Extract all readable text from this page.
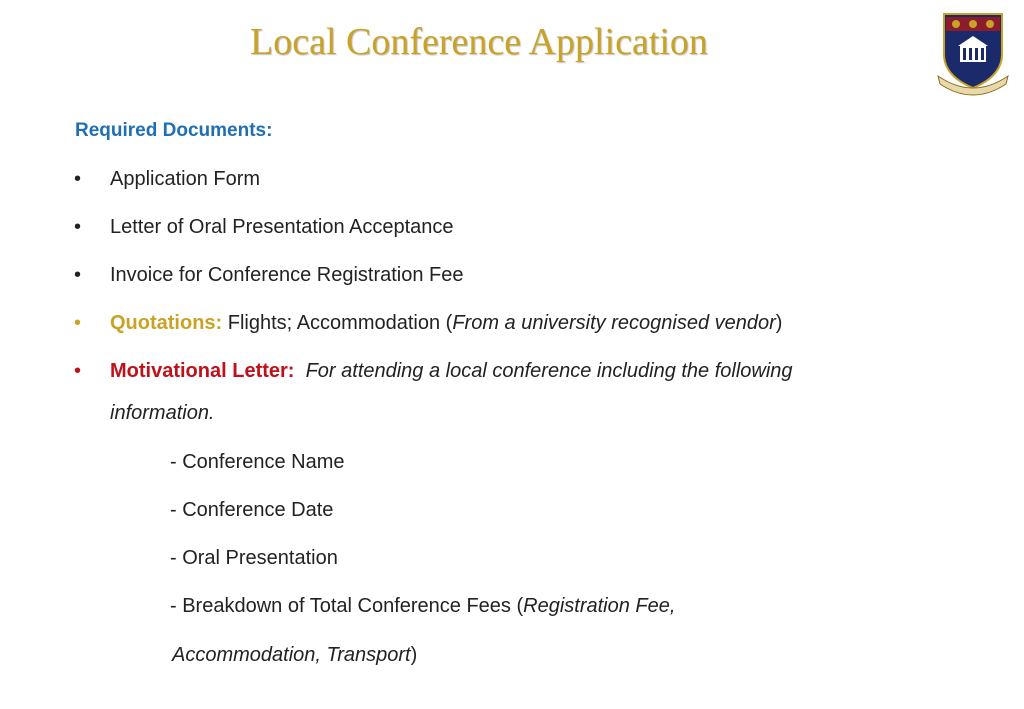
Local Conference Application
Required Documents:
• Application Form
• Letter of Oral Presentation Acceptance
• Invoice for Conference Registration Fee
• Quotations: Flights; Accommodation (From a university recognised vendor)
• Motivational Letter: For attending a local conference including the following
information.
- Conference Name
- Conference Date
- Oral Presentation
- Breakdown of Total Conference Fees (Registration Fee,
Accommodation, Transport)
